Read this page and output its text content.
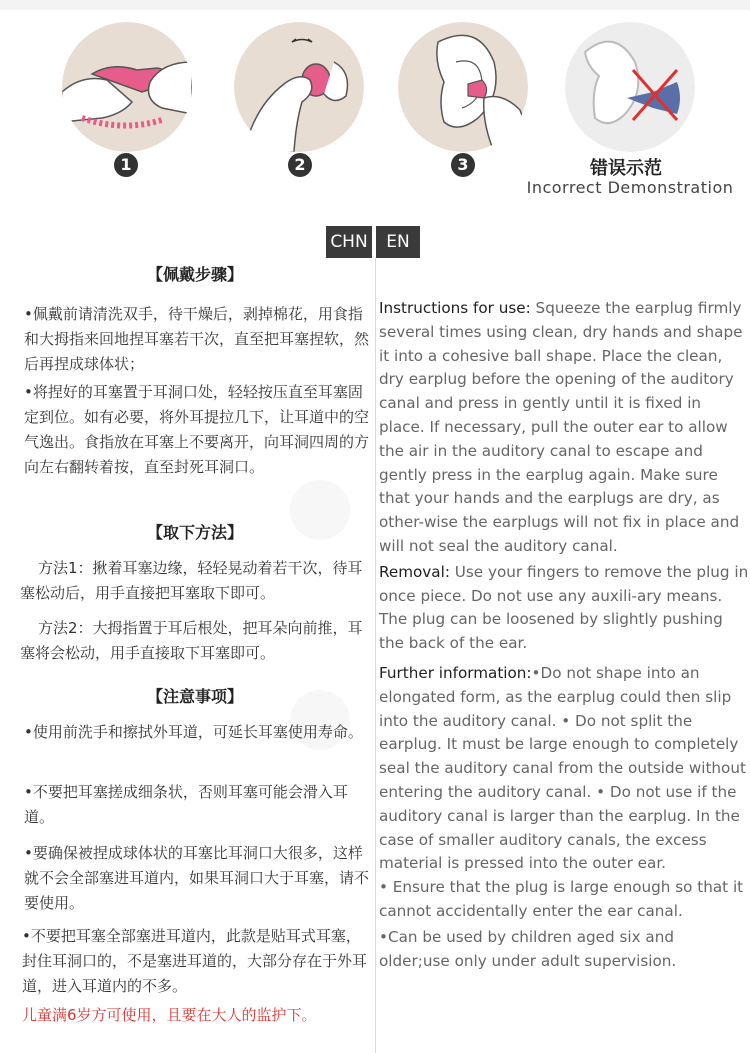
1	2	3	错误示范
Incorrect Demonstration
CHN	EN
【佩戴步骤】
•佩戴前请清洗双手，待干燥后，剥掉棉花，用食指和大拇指来回地捏耳塞若干次，直至把耳塞捏软，然后再捏成球体状；
•将捏好的耳塞置于耳洞口处，轻轻按压直至耳塞固定到位。如有必要，将外耳提拉几下，让耳道中的空气逸出。食指放在耳塞上不要离开，向耳洞四周的方向左右翻转着按，直至封死耳洞口。
【取下方法】
方法1：揪着耳塞边缘，轻轻晃动着若干次，待耳塞松动后，用手直接把耳塞取下即可。
方法2：大拇指置于耳后根处，把耳朵向前推，耳塞将会松动，用手直接取下耳塞即可。
【注意事项】
•使用前洗手和擦拭外耳道，可延长耳塞使用寿命。
•不要把耳塞搓成细条状，否则耳塞可能会滑入耳道。
•要确保被捏成球体状的耳塞比耳洞口大很多，这样就不会全部塞进耳道内，如果耳洞口大于耳塞，请不要使用。
•不要把耳塞全部塞进耳道内，此款是贴耳式耳塞，封住耳洞口的，不是塞进耳道的，大部分存在于外耳道，进入耳道内的不多。
儿童满6岁方可使用，且要在大人的监护下。

Instructions for use: Squeeze the earplug firmly several times using clean, dry hands and shape it into a cohesive ball shape. Place the clean, dry earplug before the opening of the auditory canal and press in gently until it is fixed in place. If necessary, pull the outer ear to allow the air in the auditory canal to escape and gently press in the earplug again. Make sure that your hands and the earplugs are dry, as other-wise the earplugs will not fix in place and will not seal the auditory canal.

Removal: Use your fingers to remove the plug in once piece. Do not use any auxili-ary means. The plug can be loosened by slightly pushing the back of the ear.

Further information:•Do not shape into an elongated form, as the earplug could then slip into the auditory canal. • Do not split the earplug. It must be large enough to completely seal the auditory canal from the outside without entering the auditory canal. • Do not use if the auditory canal is larger than the earplug. In the case of smaller auditory canals, the excess material is pressed into the outer ear.

• Ensure that the plug is large enough so that it cannot accidentally enter the ear canal.

•Can be used by children aged six and older;use only under adult supervision.
